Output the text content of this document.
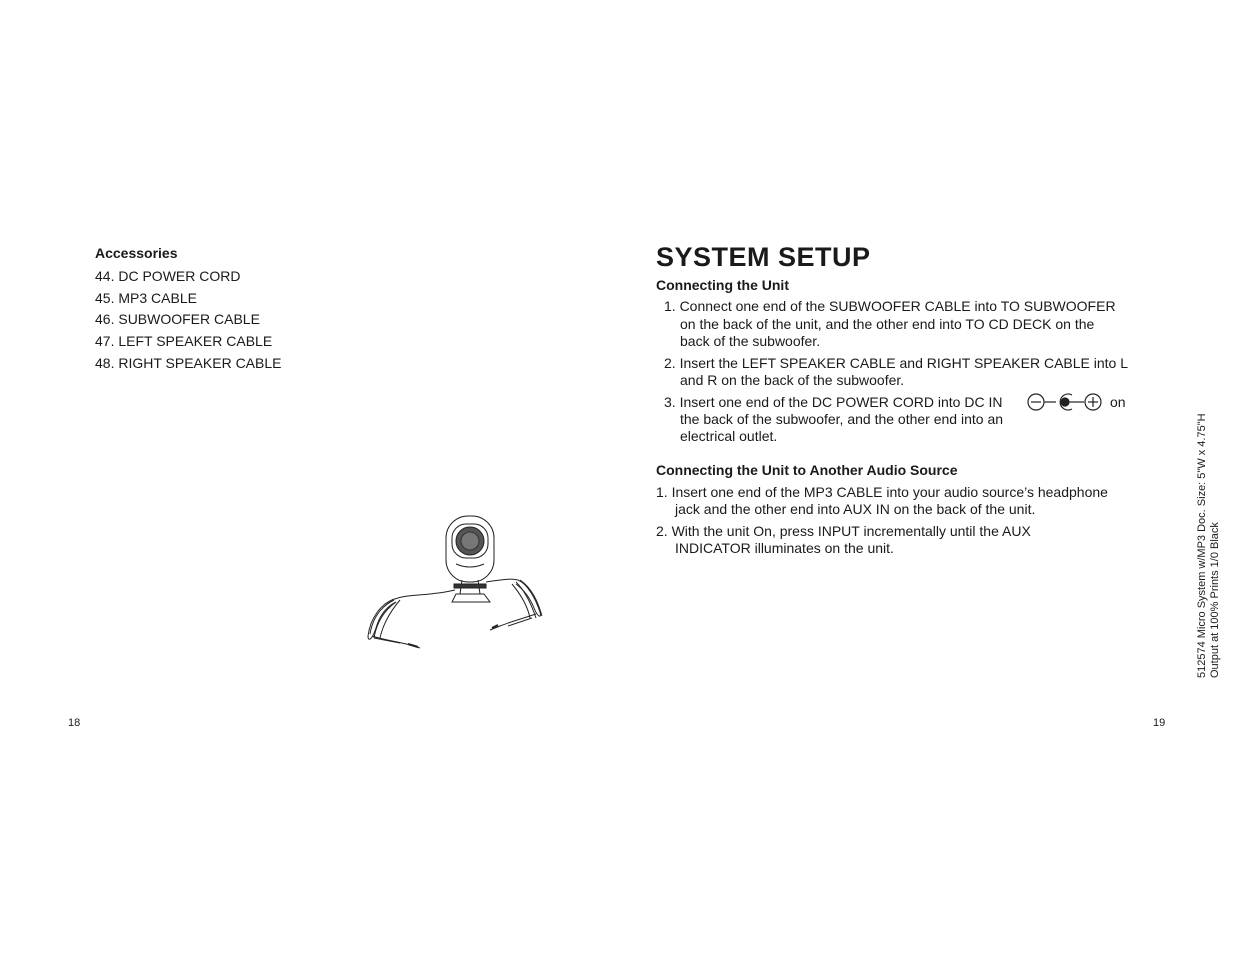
Accessories
44. DC POWER CORD
45. MP3 CABLE
46. SUBWOOFER CABLE
47. LEFT SPEAKER CABLE
48. RIGHT SPEAKER CABLE
18
SYSTEM SETUP
Connecting the Unit
1. Connect one end of the SUBWOOFER CABLE into TO SUBWOOFER
on the back of the unit, and the other end into TO CD DECK on the
back of the subwoofer.
2. Insert the LEFT SPEAKER CABLE and RIGHT SPEAKER CABLE into L
and R on the back of the subwoofer.
3. Insert one end of the DC POWER CORD into DC IN	on
the back of the subwoofer, and the other end into an
electrical outlet.
Connecting the Unit to Another Audio Source
1. Insert one end of the MP3 CABLE into your audio source’s headphone
jack and the other end into AUX IN on the back of the unit.
2. With the unit On, press INPUT incrementally until the AUX
INDICATOR illuminates on the unit.
19
512574 Micro System w/MP3 Doc. Size: 5"W x 4.75"H Output at 100% Prints 1/0 Black
